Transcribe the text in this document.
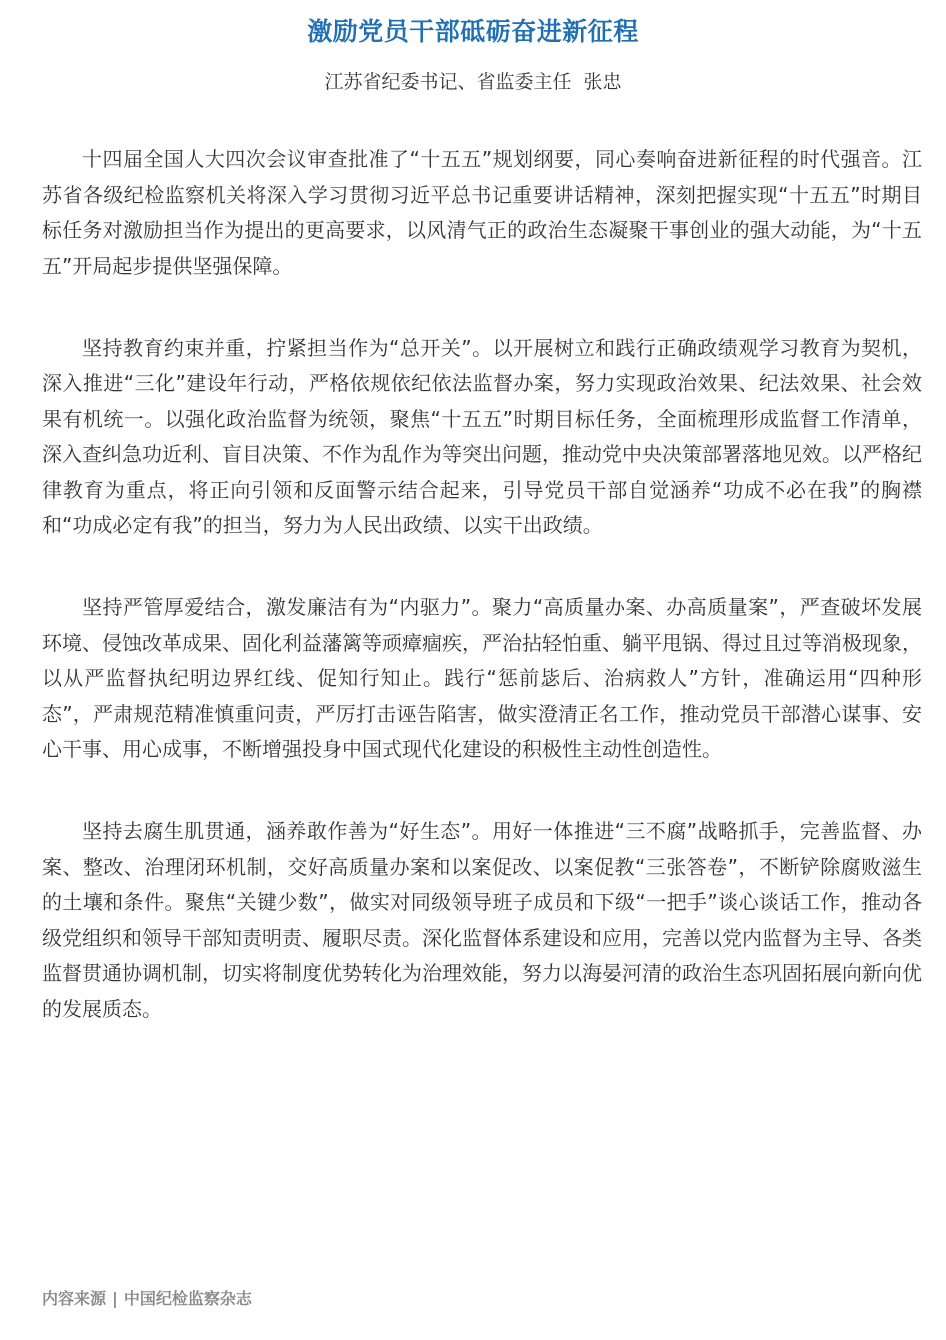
激励党员干部砥砺奋进新征程
江苏省纪委书记、省监委主任  张忠

十四届全国人大四次会议审查批准了“十五五”规划纲要，同心奏响奋进新征程的时代强音。江苏省各级纪检监察机关将深入学习贯彻习近平总书记重要讲话精神，深刻把握实现“十五五”时期目标任务对激励担当作为提出的更高要求，以风清气正的政治生态凝聚干事创业的强大动能，为“十五五”开局起步提供坚强保障。

坚持教育约束并重，拧紧担当作为“总开关”。以开展树立和践行正确政绩观学习教育为契机，深入推进“三化”建设年行动，严格依规依纪依法监督办案，努力实现政治效果、纪法效果、社会效果有机统一。以强化政治监督为统领，聚焦“十五五”时期目标任务，全面梳理形成监督工作清单，深入查纠急功近利、盲目决策、不作为乱作为等突出问题，推动党中央决策部署落地见效。以严格纪律教育为重点，将正向引领和反面警示结合起来，引导党员干部自觉涵养“功成不必在我”的胸襟和“功成必定有我”的担当，努力为人民出政绩、以实干出政绩。

坚持严管厚爱结合，激发廉洁有为“内驱力”。聚力“高质量办案、办高质量案”，严查破坏发展环境、侵蚀改革成果、固化利益藩篱等顽瘴痼疾，严治拈轻怕重、躺平甩锅、得过且过等消极现象，以从严监督执纪明边界红线、促知行知止。践行“惩前毖后、治病救人”方针，准确运用“四种形态”，严肃规范精准慎重问责，严厉打击诬告陷害，做实澄清正名工作，推动党员干部潜心谋事、安心干事、用心成事，不断增强投身中国式现代化建设的积极性主动性创造性。

坚持去腐生肌贯通，涵养敢作善为“好生态”。用好一体推进“三不腐”战略抓手，完善监督、办案、整改、治理闭环机制，交好高质量办案和以案促改、以案促教“三张答卷”，不断铲除腐败滋生的土壤和条件。聚焦“关键少数”，做实对同级领导班子成员和下级“一把手”谈心谈话工作，推动各级党组织和领导干部知责明责、履职尽责。深化监督体系建设和应用，完善以党内监督为主导、各类监督贯通协调机制，切实将制度优势转化为治理效能，努力以海晏河清的政治生态巩固拓展向新向优的发展质态。

内容来源 | 中国纪检监察杂志
